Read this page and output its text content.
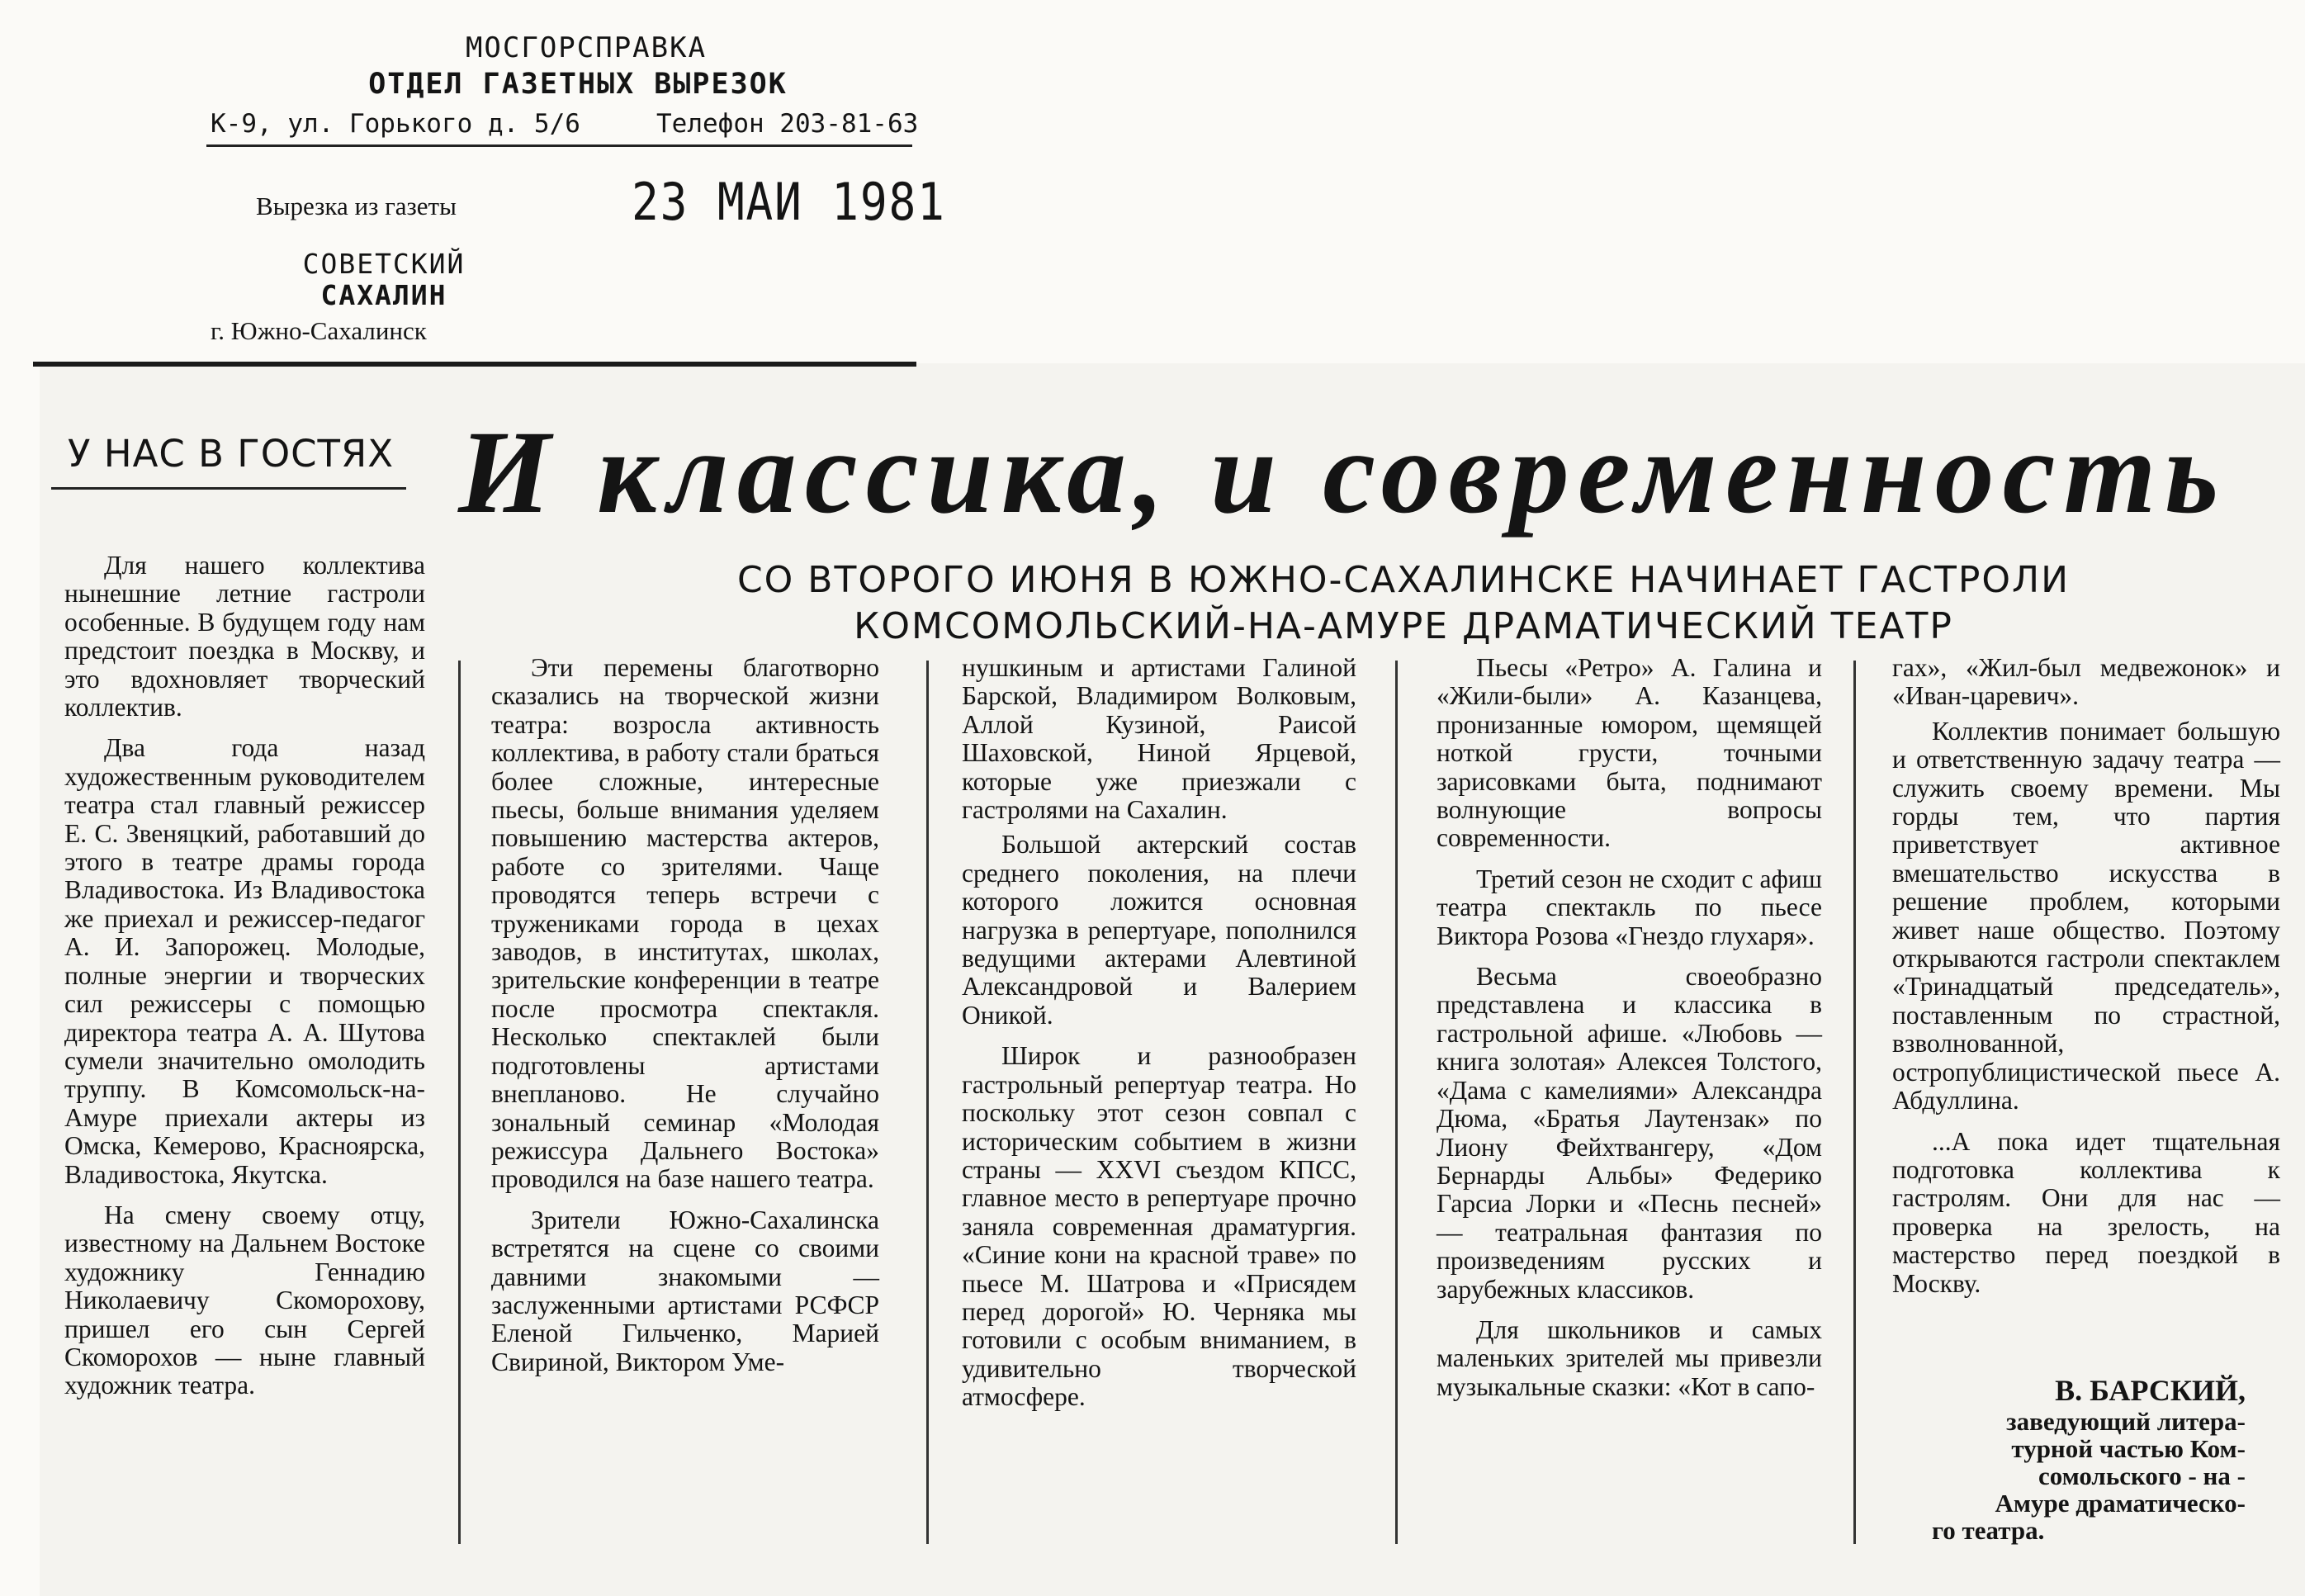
МОСГОРСПРАВКА
ОТДЕЛ ГАЗЕТНЫХ ВЫРЕЗОК
К-9, ул. Горького д. 5/6	Телефон 203-81-63
Вырезка из газеты	23 МАИ 1981
СОВЕТСКИЙ
САХАЛИН
г. Южно-Сахалинск
У НАС В ГОСТЯХ И классика, и современность
СО ВТОРОГО ИЮНЯ В ЮЖНО-САХАЛИНСКЕ НАЧИНАЕТ ГАСТРОЛИ
КОМСОМОЛЬСКИЙ-НА-АМУРЕ ДРАМАТИЧЕСКИЙ ТЕАТР

Для нашего коллектива нынешние летние гастроли особенные. В будущем году нам предстоит поездка в Москву, и это вдохновляет творческий коллектив.

Два года назад художественным руководителем театра стал главный режиссер Е. С. Звеняцкий, работавший до этого в театре драмы города Владивостока. Из Владивостока же приехал и режиссер-педагог А. И. Запорожец. Молодые, полные энергии и творческих сил режиссеры с помощью директора театра А. А. Шутова сумели значительно омолодить труппу. В Комсомольск-на-Амуре приехали актеры из Омска, Кемерово, Красноярска, Владивостока, Якутска.

На смену своему отцу, известному на Дальнем Востоке художнику Геннадию Николаевичу Скоморохову, пришел его сын Сергей Скоморохов — ныне главный художник театра.

Эти перемены благотворно сказались на творческой жизни театра: возросла активность коллектива, в работу стали браться более сложные, интересные пьесы, больше внимания уделяем повышению мастерства актеров, работе со зрителями. Чаще проводятся теперь встречи с тружениками города в цехах заводов, в институтах, школах, зрительские конференции в театре после просмотра спектакля. Несколько спектаклей были подготовлены артистами внепланово. Не случайно зональный семинар «Молодая режиссура Дальнего Востока» проводился на базе нашего театра.

Зрители Южно-Сахалинска встретятся на сцене со своими давними знакомыми — заслуженными артистами РСФСР Еленой Гильченко, Марией Свириной, Виктором Уме-

нушкиным и артистами Галиной Барской, Владимиром Волковым, Аллой Кузиной, Раисой Шаховской, Ниной Ярцевой, которые уже приезжали с гастролями на Сахалин.

Большой актерский состав среднего поколения, на плечи которого ложится основная нагрузка в репертуаре, пополнился ведущими актерами Алевтиной Александровой и Валерием Оникой.

Широк и разнообразен гастрольный репертуар театра. Но поскольку этот сезон совпал с историческим событием в жизни страны — XXVI съездом КПСС, главное место в репертуаре прочно заняла современная драматургия. «Синие кони на красной траве» по пьесе М. Шатрова и «Присядем перед дорогой» Ю. Черняка мы готовили с особым вниманием, в удивительно творческой атмосфере.

Пьесы «Ретро» А. Галина и «Жили-были» А. Казанцева, пронизанные юмором, щемящей ноткой грусти, точными зарисовками быта, поднимают волнующие вопросы современности.

Третий сезон не сходит с афиш театра спектакль по пьесе Виктора Розова «Гнездо глухаря».

Весьма своеобразно представлена и классика в гастрольной афише. «Любовь — книга золотая» Алексея Толстого, «Дама с камелиями» Александра Дюма, «Братья Лаутензак» по Лиону Фейхтвангеру, «Дом Бернарды Альбы» Федерико Гарсиа Лорки и «Песнь песней» — театральная фантазия по произведениям русских и зарубежных классиков.

Для школьников и самых маленьких зрителей мы привезли музыкальные сказки: «Кот в сапо-

гах», «Жил-был медвежонок» и «Иван-царевич».

Коллектив понимает большую и ответственную задачу театра — служить своему времени. Мы горды тем, что партия приветствует активное вмешательство искусства в решение проблем, которыми живет наше общество. Поэтому открываются гастроли спектаклем «Тринадцатый председатель», поставленным по страстной, взволнованной, остропублицистической пьесе А. Абдуллина.

...А пока идет тщательная подготовка коллектива к гастролям. Они для нас — проверка на зрелость, на мастерство перед поездкой в Москву.

В. БАРСКИЙ,
заведующий литера-
турной частью Ком-
сомольского - на -
Амуре драматическо-
го театра.
